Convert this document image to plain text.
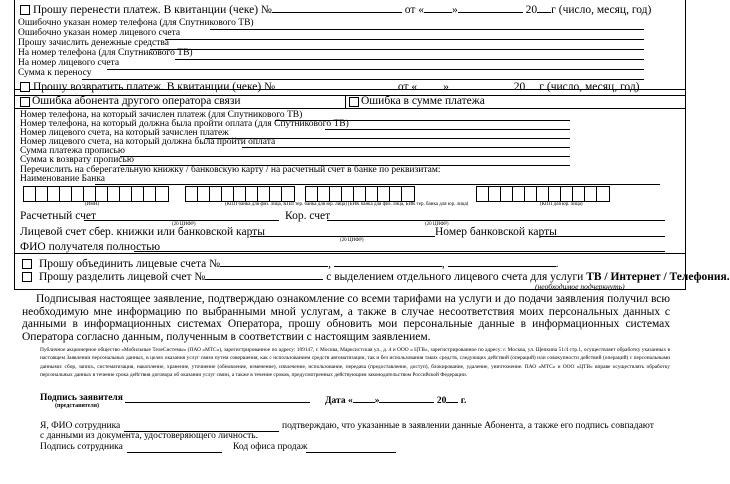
Прошу перенести платеж. В квитанции (чеке) №	от « »	20 г (число, месяц, год)
Ошибочно указан номер телефона (для Спутникового ТВ)
Ошибочно указан номер лицевого счета
Прошу зачислить денежные средства
На номер телефона (для Спутникового ТВ)
На номер лицевого счета
Сумма к переносу
Прошу возвратить платеж. В квитанции (чеке) №	от « »	20 г (число, месяц, год)
Ошибка абонента другого оператора связи	Ошибка в сумме платежа
Номер телефона, на который зачислен платеж (для Спутникового ТВ)
Номер телефона, на который должна была пройти оплата (для Спутникового ТВ)
Номер лицевого счета, на который зачислен платеж
Номер лицевого счета, на который должна была пройти оплата
Сумма платежа прописью
Сумма к возврату прописью
Перечислить на сберегательную книжку / банковскую карту / на расчетный счет в банке по реквизитам:
Наименование Банка
(ИНН)	(КПП банка для физ. лица, КПП тер. банка для юр. лица) (БИК банка для физ. лица, БИК тер. банка для юр. лица)	(КПП для юр. лица)
Расчетный счет
(20 ЦИФР)
Кор. счет
(20 ЦИФР)
Лицевой счет сбер. книжки или банковской карты
(20 ЦИФР)
Номер банковской карты
ФИО получателя полностью
Прошу объединить лицевые счета №	,	,	.
Прошу разделить лицевой счет №	с выделением отдельного лицевого счета для услуги ТВ / Интернет / Телефония.
(необходимое подчеркнуть)
Подписывая настоящее заявление, подтверждаю ознакомление со всеми тарифами на услуги и до подачи заявления получил всю необходимую мне информацию по выбранными мной услугам, а также в случае несоответствия моих персональных данных с данными в информационных системах Оператора, прошу обновить мои персональные данные в информационных системах Оператора согласно данным, полученным в соответствии с настоящим заявлением.
Публичное акционерное общество «Мобильные ТелеСистемы» (ПАО «МТС»), зарегистрированное по адресу: 109147, г. Москва, Марксистская ул., д. 4 и ООО « ЦТВ», зарегистрированное по адресу: г. Москва, ул. Щепкина 51/4 стр.1, осуществляет обработку указанных в настоящем Заявлении персональных данных, в целях оказания услуг связи путем совершения, как с использованием средств автоматизации, так и без использования таких средств, следующих действий (операций) или совокупности действий (операций) с персональными данными: сбор, запись, систематизация, накопление, хранение, уточнение (обновление, изменение), извлечение, использование, передача (предоставление, доступ), блокирование, удаление, уничтожение. ПАО «МТС» и ООО «ЦТВ» вправе осуществлять обработку персональных данных в течение срока действия договора об оказании услуг связи, а также в течение сроков, предусмотренных действующим законодательством Российской Федерации.
Подпись заявителя
(представителя)	Дата « »	20 г.
Я, ФИО сотрудника	подтверждаю, что указанные в заявлении данные Абонента, а также его подпись совпадают
с данными из документа, удостоверяющего личность.
Подпись сотрудника	Код офиса продаж
